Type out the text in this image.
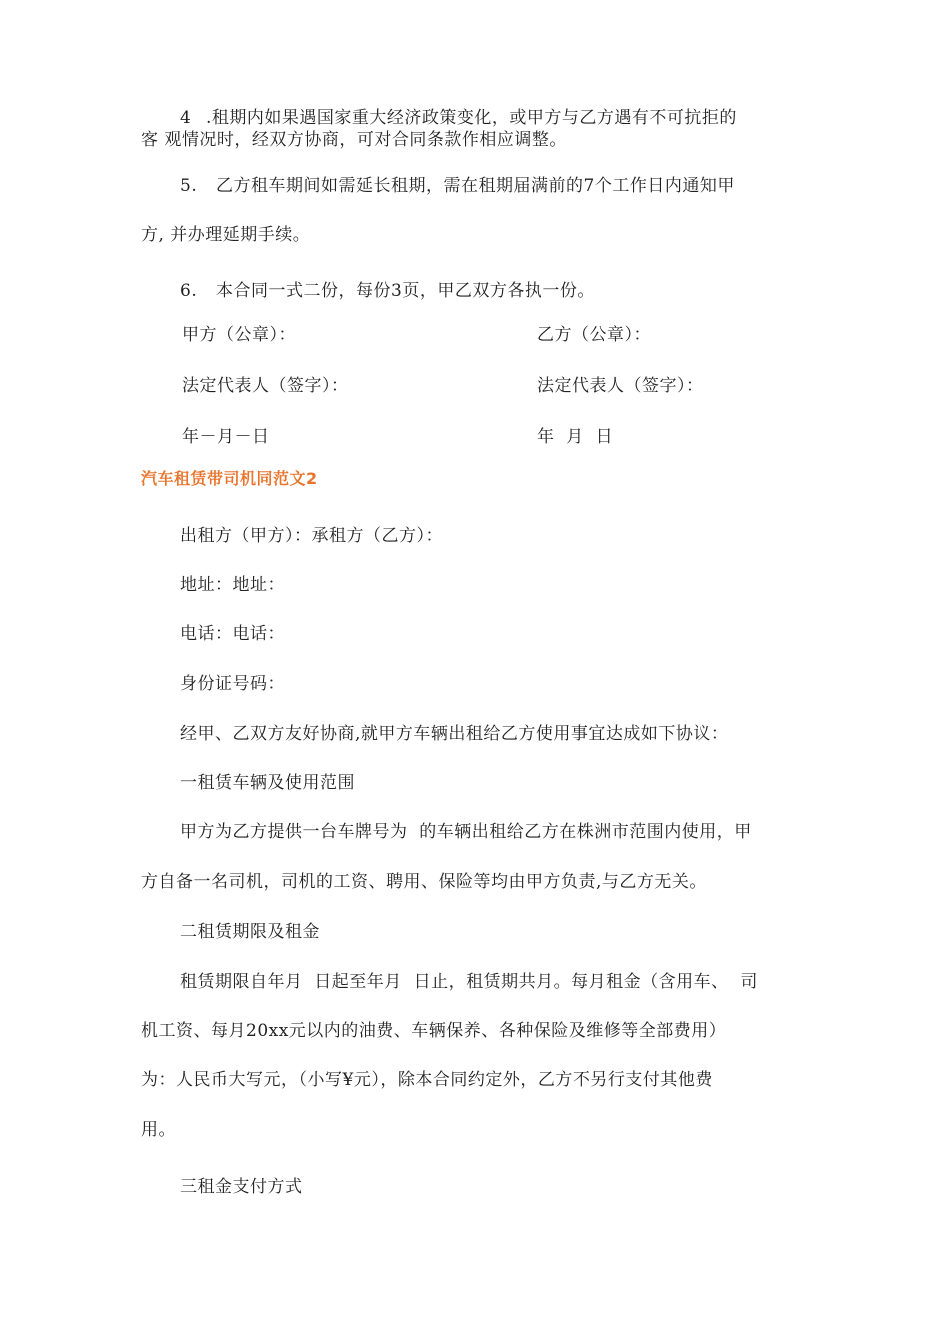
4 .租期内如果遇国家重大经济政策变化，或甲方与乙方遇有不可抗拒的
客 观情况时，经双方协商，可对合同条款作相应调整。
5. 乙方租车期间如需延长租期，需在租期届满前的7个工作日内通知甲
方, 并办理延期手续。
6. 本合同一式二份，每份3页，甲乙双方各执一份。
甲方（公章）：	乙方（公章）：
法定代表人（签字）：	法定代表人（签字）：
年－月－日	年  月  日
汽车租赁带司机同范文2
出租方（甲方）：承租方（乙方）：
地址：地址：
电话：电话：
身份证号码：
经甲、乙双方友好协商,就甲方车辆出租给乙方使用事宜达成如下协议：
一租赁车辆及使用范围
甲方为乙方提供一台车牌号为  的车辆出租给乙方在株洲市范围内使用，甲
方自备一名司机，司机的工资、聘用、保险等均由甲方负责,与乙方无关。
二租赁期限及租金
租赁期限自年月  日起至年月  日止，租赁期共月。每月租金（含用车、  司
机工资、每月20xx元以内的油费、车辆保养、各种保险及维修等全部费用）
为：人民币大写元，（小写¥元），除本合同约定外，乙方不另行支付其他费
用。
三租金支付方式
